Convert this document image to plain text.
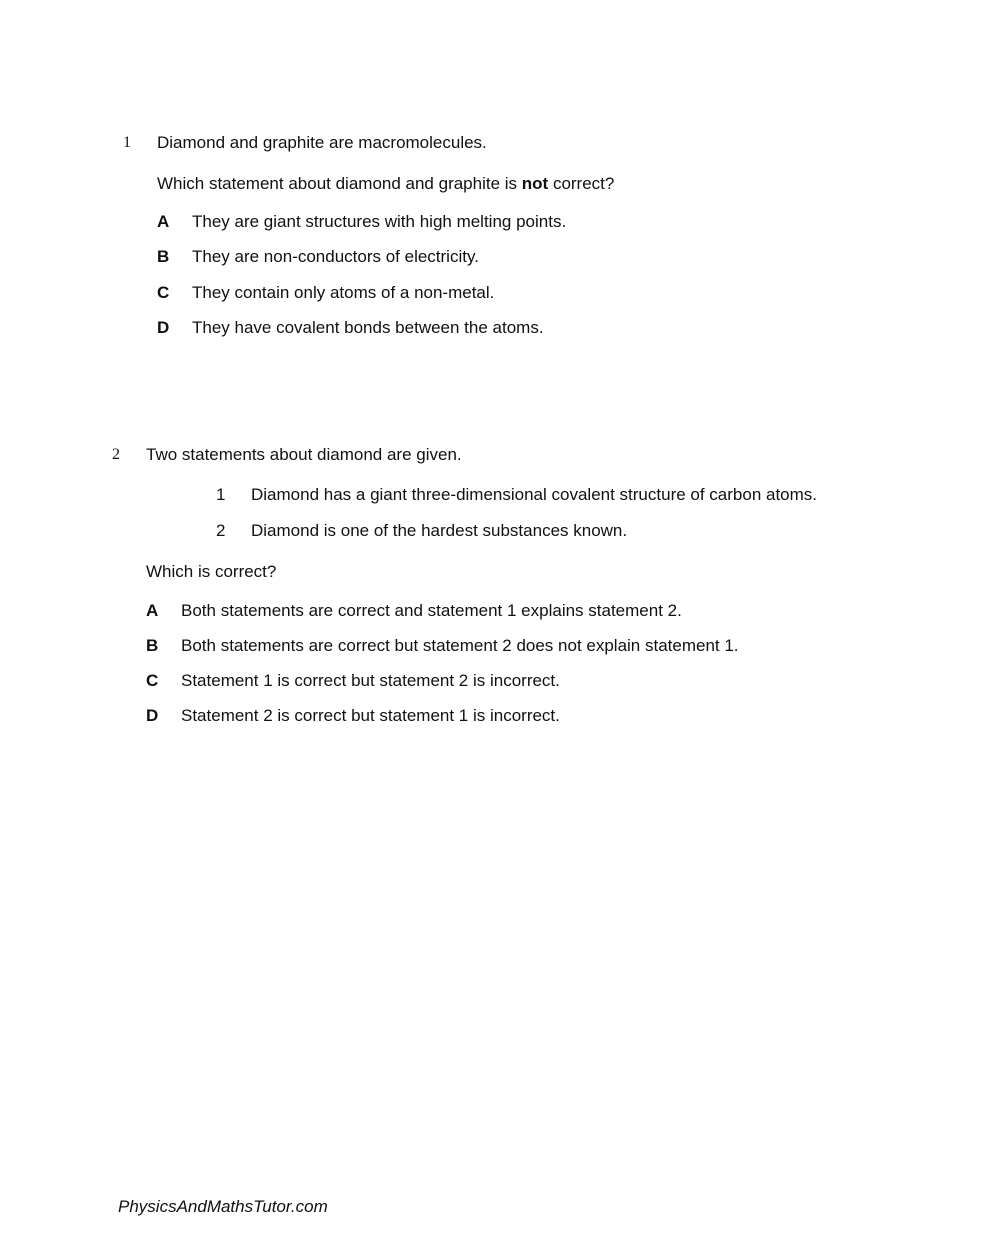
1 Diamond and graphite are macromolecules.
Which statement about diamond and graphite is not correct?
A They are giant structures with high melting points.
B They are non-conductors of electricity.
C They contain only atoms of a non-metal.
D They have covalent bonds between the atoms.
2 Two statements about diamond are given.
1 Diamond has a giant three-dimensional covalent structure of carbon atoms.
2 Diamond is one of the hardest substances known.
Which is correct?
A Both statements are correct and statement 1 explains statement 2.
B Both statements are correct but statement 2 does not explain statement 1.
C Statement 1 is correct but statement 2 is incorrect.
D Statement 2 is correct but statement 1 is incorrect.
PhysicsAndMathsTutor.com
